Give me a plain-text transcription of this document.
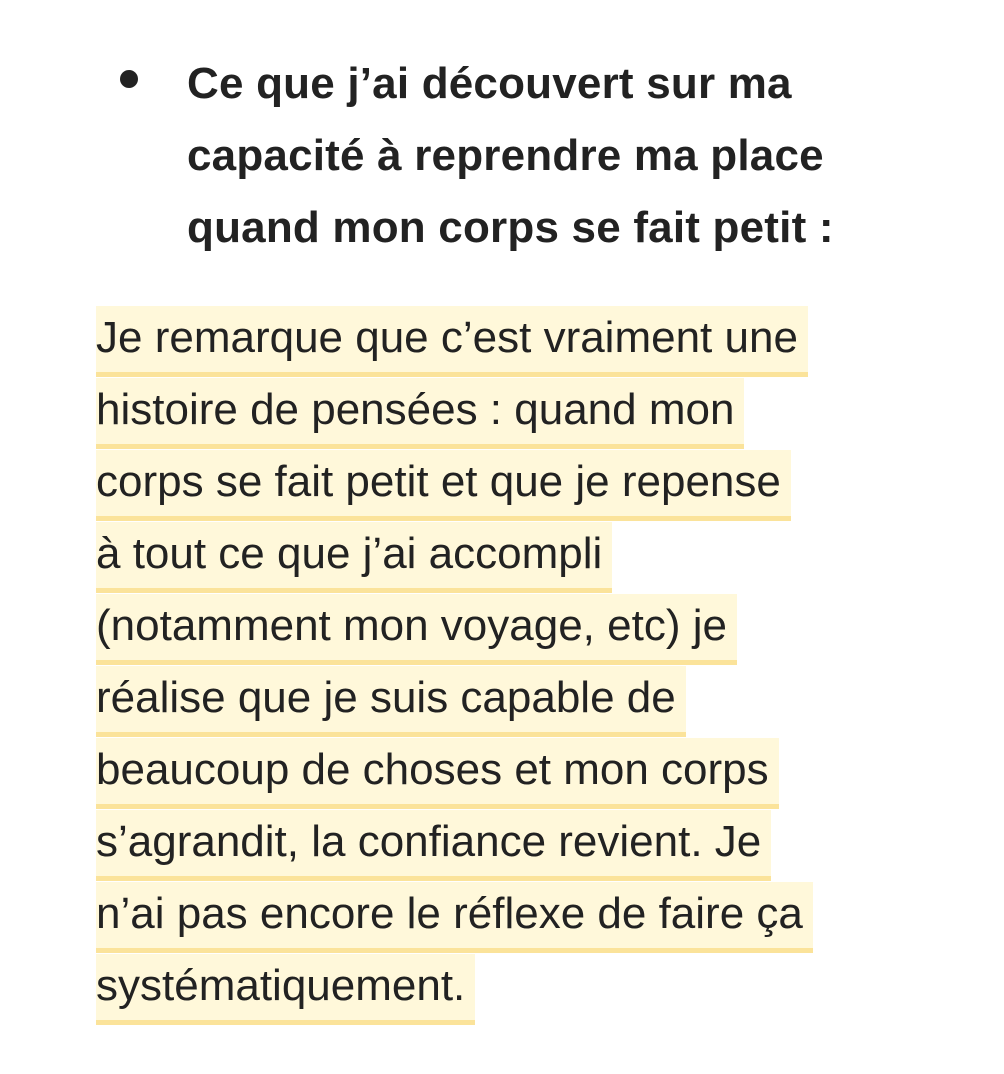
Ce que j’ai découvert sur ma
capacité à reprendre ma place
quand mon corps se fait petit :

Je remarque que c’est vraiment une
histoire de pensées : quand mon
corps se fait petit et que je repense
à tout ce que j’ai accompli
(notamment mon voyage, etc) je
réalise que je suis capable de
beaucoup de choses et mon corps
s’agrandit, la confiance revient. Je
n’ai pas encore le réflexe de faire ça
systématiquement.
